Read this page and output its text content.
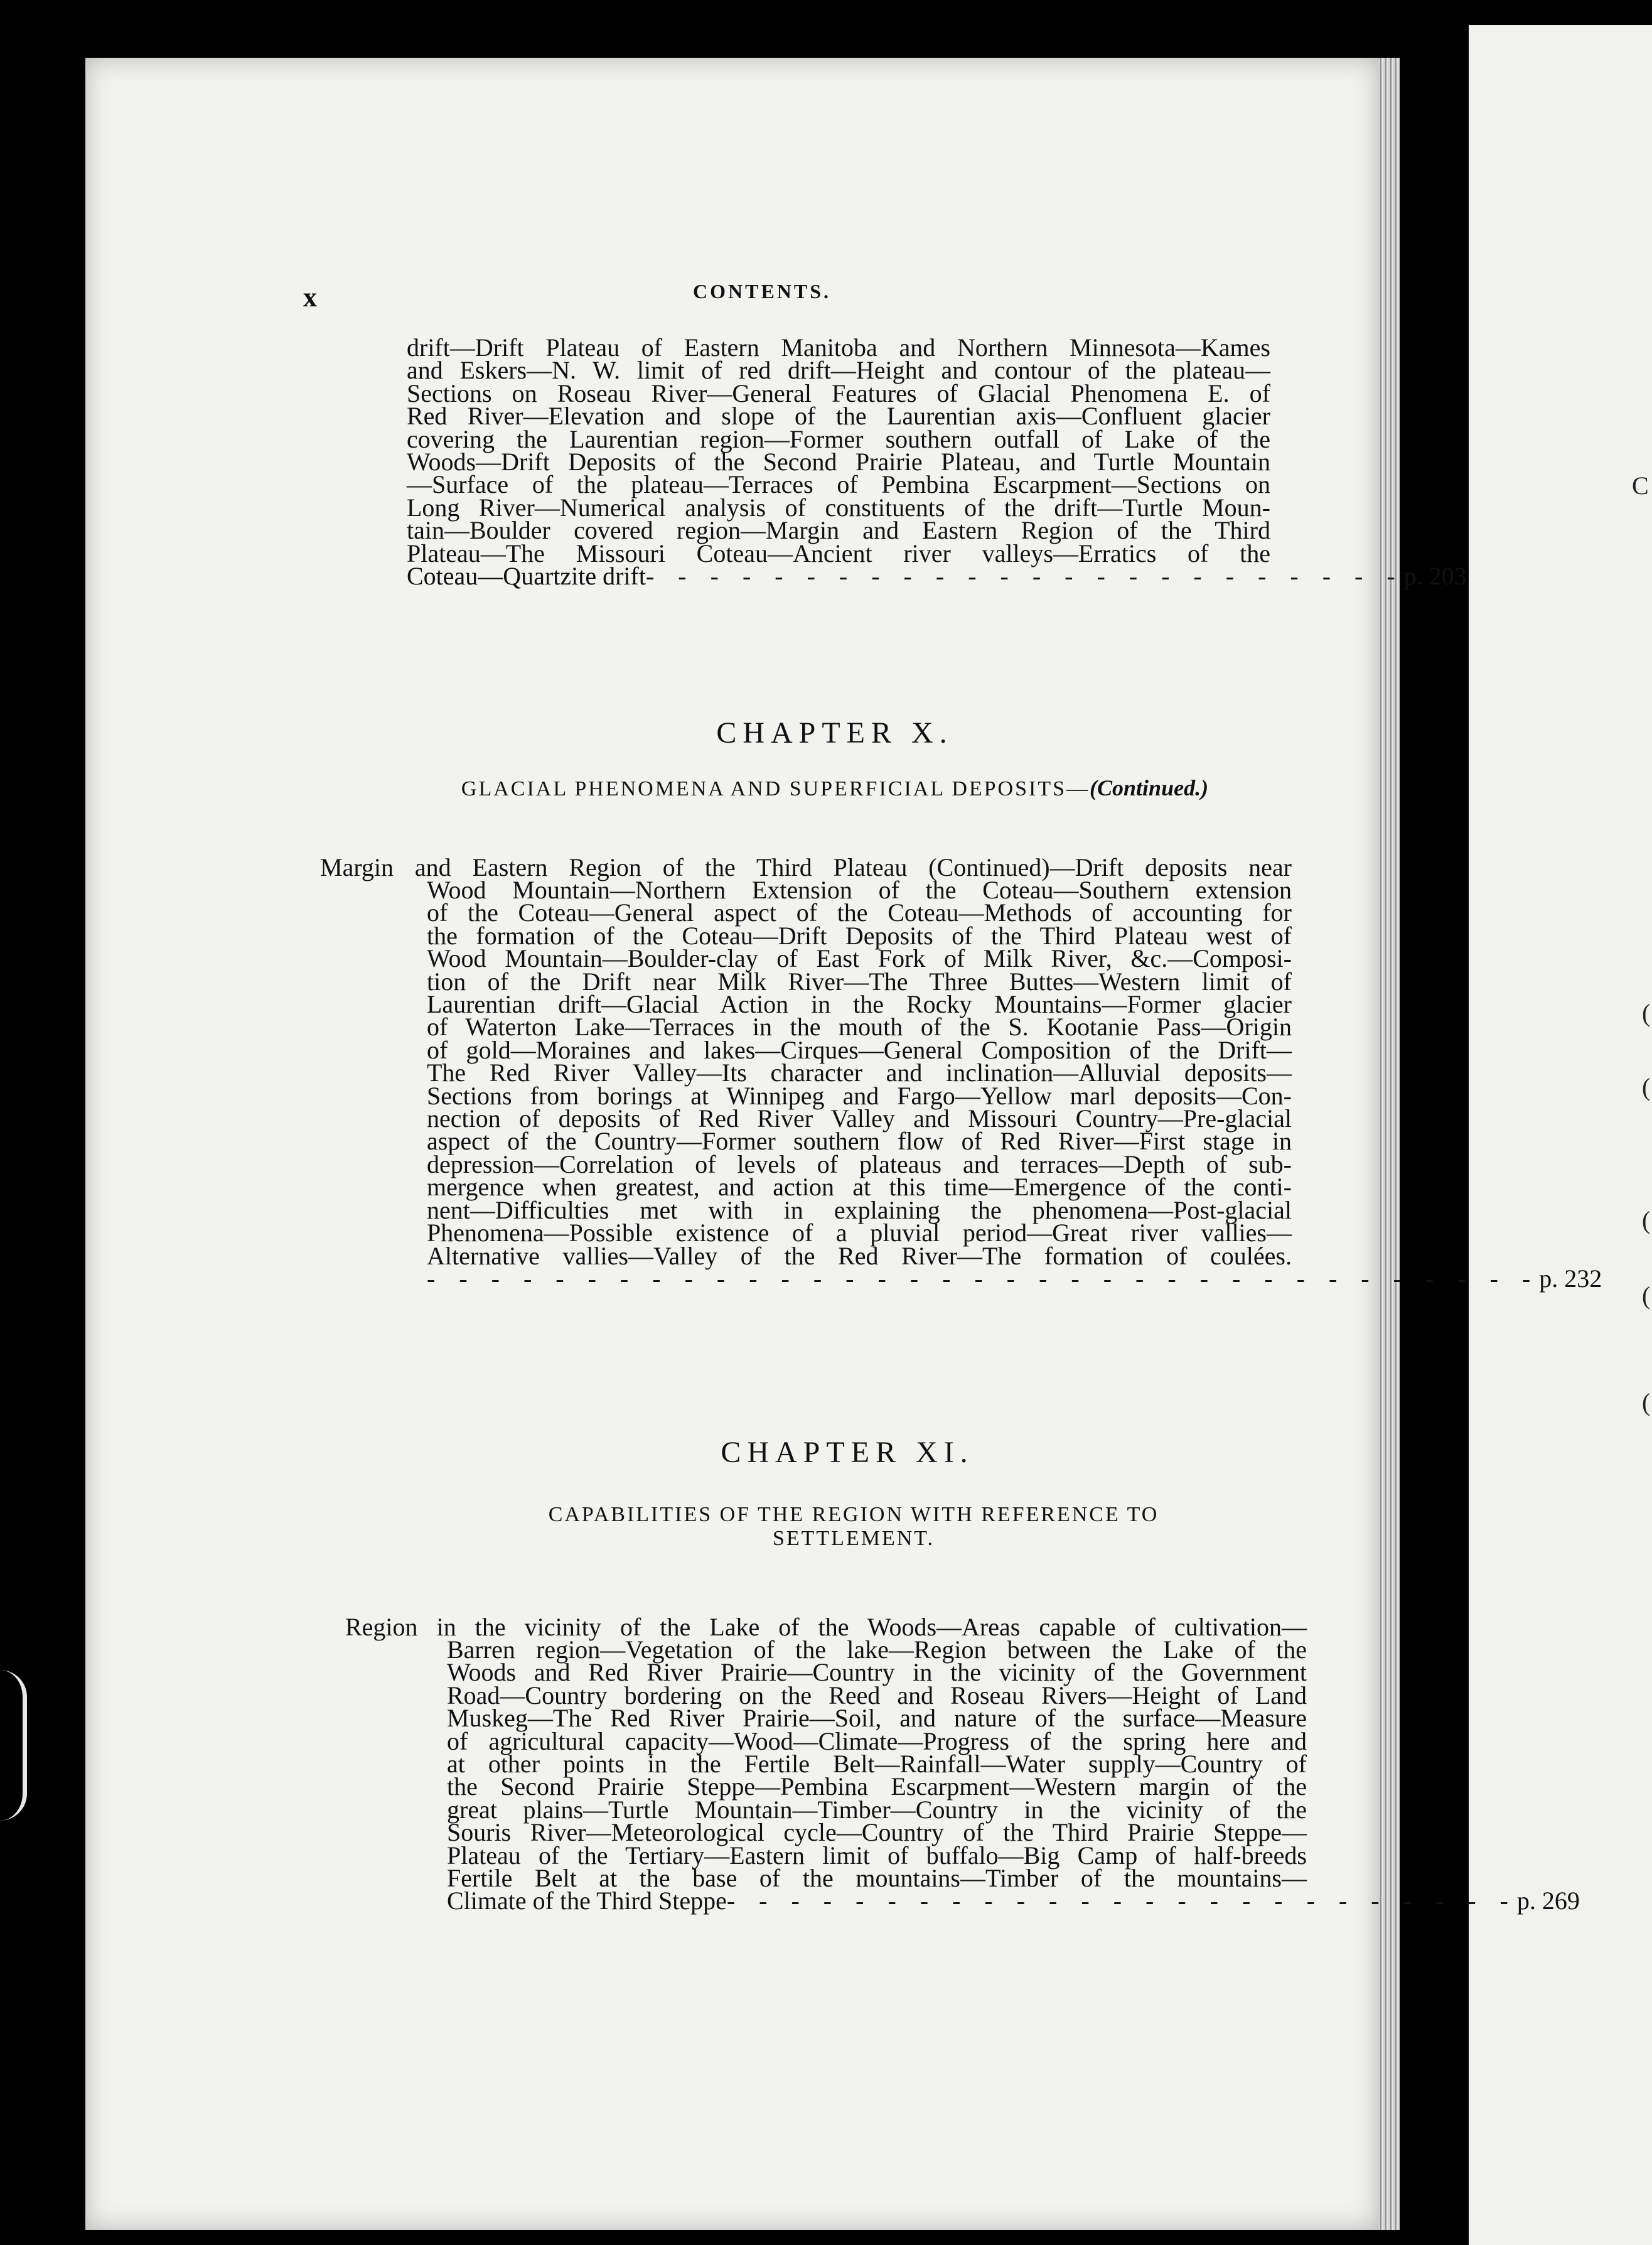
C
(
(
(
(
(
x	CONTENTS.
drift—Drift Plateau of Eastern Manitoba and Northern Minnesota—Kames
and Eskers—N. W. limit of red drift—Height and contour of the plateau—
Sections on Roseau River—General Features of Glacial Phenomena E. of
Red River—Elevation and slope of the Laurentian axis—Confluent glacier
covering the Laurentian region—Former southern outfall of Lake of the
Woods—Drift Deposits of the Second Prairie Plateau, and Turtle Mountain
—Surface of the plateau—Terraces of Pembina Escarpment—Sections on
Long River—Numerical analysis of constituents of the drift—Turtle Moun-
tain—Boulder covered region—Margin and Eastern Region of the Third
Plateau—The Missouri Coteau—Ancient river valleys—Erratics of the
Coteau—Quartzite drift - - - - - - - - - - - - - - - - - - - - - - - - p. 203
CHAPTER X.
GLACIAL PHENOMENA AND SUPERFICIAL DEPOSITS—(Continued.)
Margin and Eastern Region of the Third Plateau (Continued)—Drift deposits near
Wood Mountain—Northern Extension of the Coteau—Southern extension
of the Coteau—General aspect of the Coteau—Methods of accounting for
the formation of the Coteau—Drift Deposits of the Third Plateau west of
Wood Mountain—Boulder-clay of East Fork of Milk River, &c.—Composi-
tion of the Drift near Milk River—The Three Buttes—Western limit of
Laurentian drift—Glacial Action in the Rocky Mountains—Former glacier
of Waterton Lake—Terraces in the mouth of the S. Kootanie Pass—Origin
of gold—Moraines and lakes—Cirques—General Composition of the Drift—
The Red River Valley—Its character and inclination—Alluvial deposits—
Sections from borings at Winnipeg and Fargo—Yellow marl deposits—Con-
nection of deposits of Red River Valley and Missouri Country—Pre-glacial
aspect of the Country—Former southern flow of Red River—First stage in
depression—Correlation of levels of plateaus and terraces—Depth of sub-
mergence when greatest, and action at this time—Emergence of the conti-
nent—Difficulties met with in explaining the phenomena—Post-glacial
Phenomena—Possible existence of a pluvial period—Great river vallies—
Alternative vallies—Valley of the Red River—The formation of coulées.
- - - - - - - - - - - - - - - - - - - - - - - - - - - - - - - - - - - p. 232
CHAPTER XI.
CAPABILITIES OF THE REGION WITH REFERENCE TO
SETTLEMENT.
Region in the vicinity of the Lake of the Woods—Areas capable of cultivation—
Barren region—Vegetation of the lake—Region between the Lake of the
Woods and Red River Prairie—Country in the vicinity of the Government
Road—Country bordering on the Reed and Roseau Rivers—Height of Land
Muskeg—The Red River Prairie—Soil, and nature of the surface—Measure
of agricultural capacity—Wood—Climate—Progress of the spring here and
at other points in the Fertile Belt—Rainfall—Water supply—Country of
the Second Prairie Steppe—Pembina Escarpment—Western margin of the
great plains—Turtle Mountain—Timber—Country in the vicinity of the
Souris River—Meteorological cycle—Country of the Third Prairie Steppe—
Plateau of the Tertiary—Eastern limit of buffalo—Big Camp of half-breeds
Fertile Belt at the base of the mountains—Timber of the mountains—
Climate of the Third Steppe - - - - - - - - - - - - - - - - - - - - - - - - - p. 269
